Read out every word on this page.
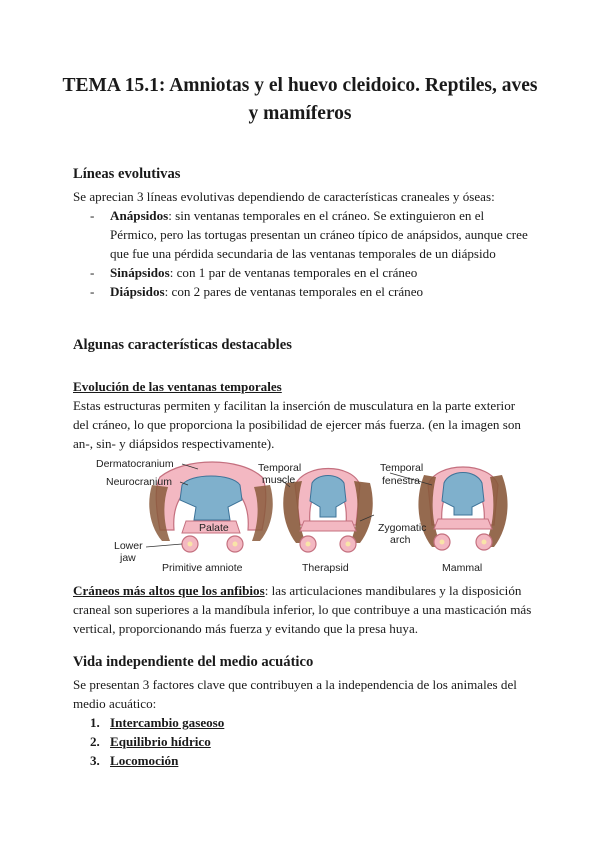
TEMA 15.1: Amniotas y el huevo cleidoico. Reptiles, aves y mamíferos
Líneas evolutivas

Se aprecian 3 líneas evolutivas dependiendo de características craneales y óseas:

- Anápsidos: sin ventanas temporales en el cráneo. Se extinguieron en el Pérmico, pero las tortugas presentan un cráneo típico de anápsidos, aunque cree que fue una pérdida secundaria de las ventanas temporales de un diápsido
- Sinápsidos: con 1 par de ventanas temporales en el cráneo
- Diápsidos: con 2 pares de ventanas temporales en el cráneo
Algunas características destacables

Evolución de las ventanas temporales

Estas estructuras permiten y facilitan la inserción de musculatura en la parte exterior del cráneo, lo que proporciona la posibilidad de ejercer más fuerza. (en la imagen son an-, sin- y diápsidos respectivamente).

Dermatocranium
Neurocranium
Palate
Lower
jaw
Temporal
muscle
Temporal
fenestra
Zygomatic
arch
Primitive amniote	Therapsid	Mammal

Cráneos más altos que los anfibios: las articulaciones mandibulares y la disposición craneal son superiores a la mandíbula inferior, lo que contribuye a una masticación más vertical, proporcionando más fuerza y evitando que la presa huya.

Vida independiente del medio acuático

Se presentan 3 factores clave que contribuyen a la independencia de los animales del medio acuático:

1. Intercambio gaseoso
2. Equilibrio hídrico
3. Locomoción
